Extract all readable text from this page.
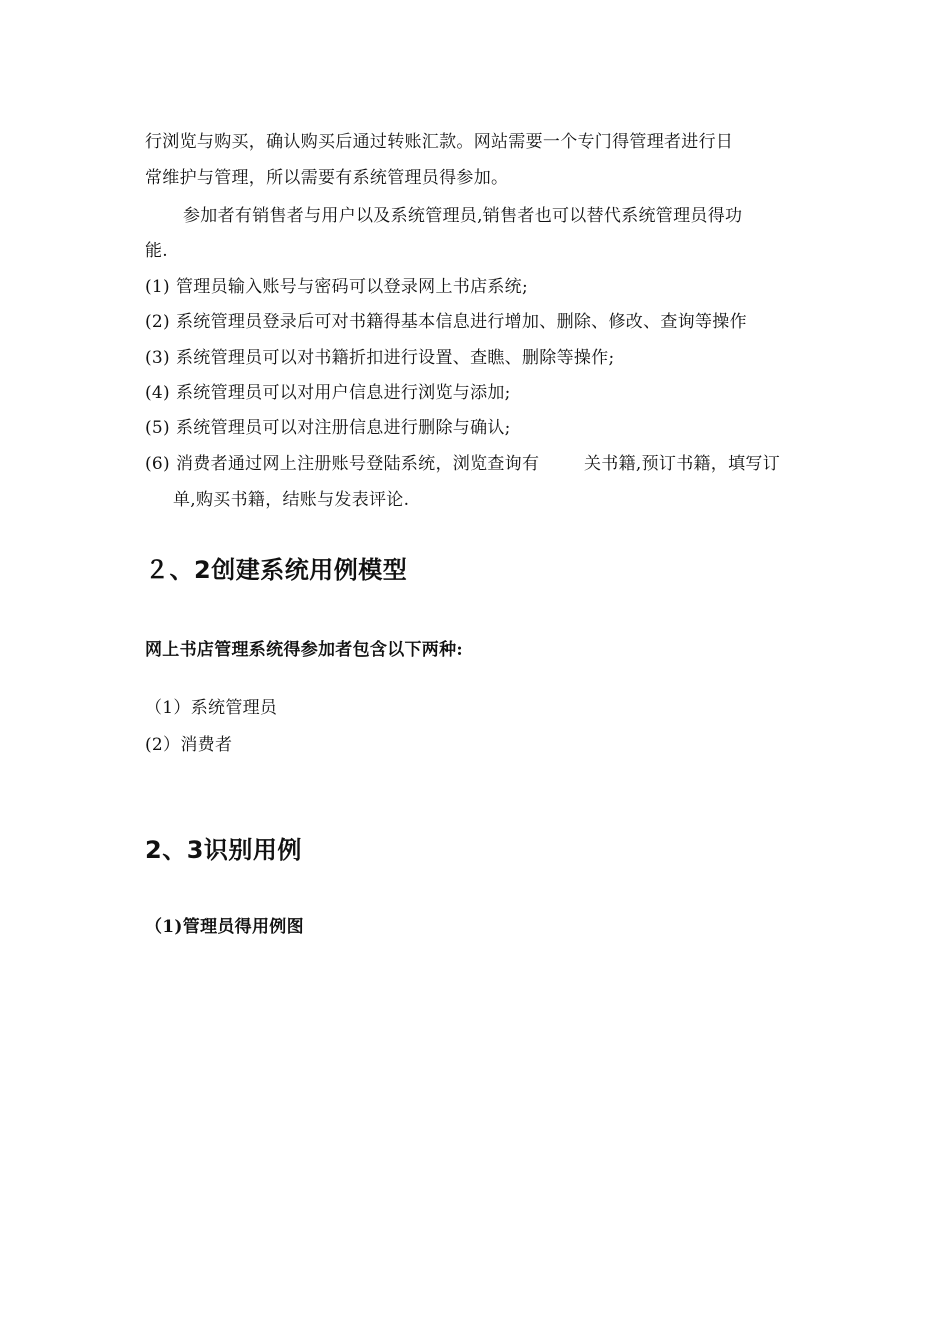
行浏览与购买，确认购买后通过转账汇款。网站需要一个专门得管理者进行日
常维护与管理，所以需要有系统管理员得参加。
参加者有销售者与用户以及系统管理员,销售者也可以替代系统管理员得功
能.
(1) 管理员输入账号与密码可以登录网上书店系统;
(2) 系统管理员登录后可对书籍得基本信息进行增加、删除、修改、查询等操作
(3) 系统管理员可以对书籍折扣进行设置、查瞧、删除等操作;
(4) 系统管理员可以对用户信息进行浏览与添加;
(5) 系统管理员可以对注册信息进行删除与确认;
(6) 消费者通过网上注册账号登陆系统，浏览查询有	关书籍,预订书籍，填写订
单,购买书籍，结账与发表评论.
２、2创建系统用例模型
网上书店管理系统得参加者包含以下两种:
（1）系统管理员
(2）消费者
2、3识别用例
（1)管理员得用例图
